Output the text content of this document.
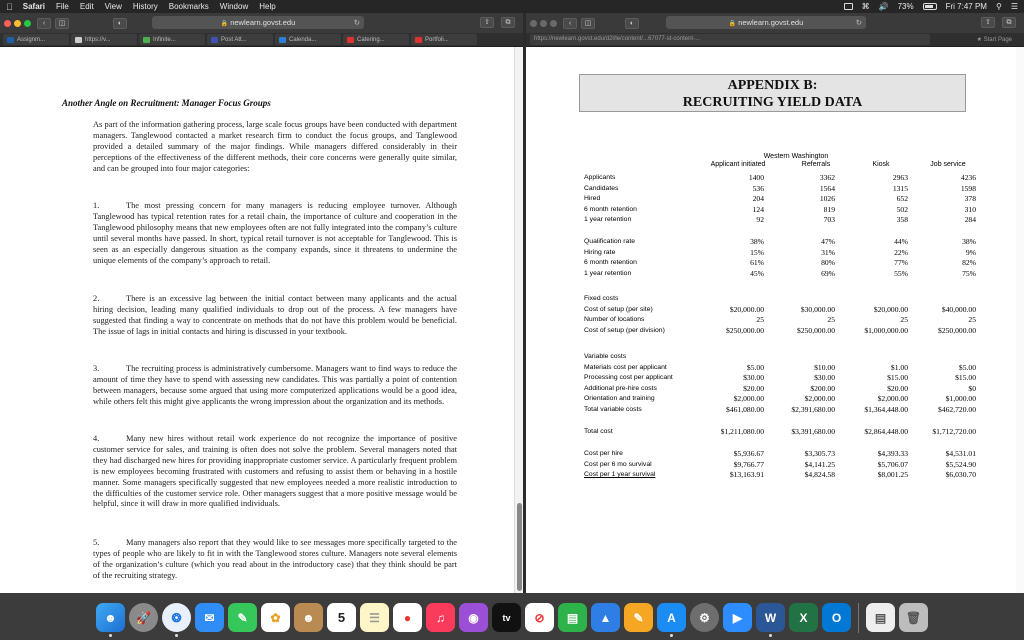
Safari File Edit View History Bookmarks Window Help	⌘ 🔊 73%	Fri 7:47 PM ⚲ ☰
‹	◫	◐	🔒 newlearn.govst.edu	↻	⇧	⧉
Assignm...	https://v...	Infinite...	Post Att...	Calenda...	Catering...	Portfoli...
Another Angle on Recruitment: Manager Focus Groups

As part of the information gathering process, large scale focus groups have been conducted with department managers. Tanglewood contacted a market research firm to conduct the focus groups, and Tanglewood provided a detailed summary of the major findings. While managers differed considerably in their perceptions of the effectiveness of the different methods, their core concerns were generally quite similar, and can be grouped into four major categories:

1.	The most pressing concern for many managers is reducing employee turnover. Although Tanglewood has typical retention rates for a retail chain, the importance of culture and cooperation in the Tanglewood philosophy means that new employees often are not fully integrated into the company’s culture until several months have passed. In short, typical retail turnover is not acceptable for Tanglewood. This is seen as an especially dangerous situation as the company expands, since it threatens to undermine the unique elements of the company’s approach to retail.

2.	There is an excessive lag between the initial contact between many applicants and the actual hiring decision, leading many qualified individuals to drop out of the process. A few managers have suggested that finding a way to concentrate on methods that do not have this problem would be beneficial. The issue of lags in initial contacts and hiring is discussed in your textbook.

3.	The recruiting process is administratively cumbersome. Managers want to find ways to reduce the amount of time they have to spend with assessing new candidates. This was partially a point of contention between managers, because some argued that using more computerized applications would be a good idea, while others felt this might give applicants the wrong impression about the organization and its methods.

4.	Many new hires without retail work experience do not recognize the importance of positive customer service for sales, and training is often does not solve the problem. Several managers noted that they had discharged new hires for providing inappropriate customer service. A particularly frequent problem is new employees becoming frustrated with customers and refusing to assist them or behaving in a hostile manner. Some managers specifically suggested that new employees needed a more realistic introduction to the difficulties of the customer service role. Other managers suggest that a more positive message would be helpful, since it will draw in more qualified individuals.

5.	Many managers also report that they would like to see messages more specifically targeted to the types of people who are likely to fit in with the Tanglewood stores culture. Managers note several elements of the organization’s culture (which you read about in the introductory case) that they think should be part of the recruiting strategy.

‹	◫	◐	🔒 newlearn.govst.edu	↻	⇧	⧉
https://newlearn.govst.edu/d2l/le/content/...67077-st-content-...	★ Start Page
APPENDIX B:
RECRUITING YIELD DATA
Western Washington
Applicant initiated	Referrals	Kiosk	Job service
Applicants	1400	3362	2963	4236
Candidates	536	1564	1315	1598
Hired	204	1026	652	378
6 month retention	124	819	502	310
1 year retention	92	703	358	284
Qualification rate	38%	47%	44%	38%
Hiring rate	15%	31%	22%	9%
6 month retention	61%	80%	77%	82%
1 year retention	45%	69%	55%	75%
Fixed costs
Cost of setup (per site)	$20,000.00	$30,000.00	$20,000.00	$40,000.00
Number of locations	25	25	25	25
Cost of setup (per division)	$250,000.00	$250,000.00	$1,000,000.00	$250,000.00
Variable costs
Materials cost per applicant	$5.00	$10.00	$1.00	$5.00
Processing cost per applicant	$30.00	$30.00	$15.00	$15.00
Additional pre-hire costs	$20.00	$200.00	$20.00	$0
Orientation and training	$2,000.00	$2,000.00	$2,000.00	$1,000.00
Total variable costs	$461,080.00	$2,391,680.00	$1,364,448.00	$462,720.00
Total cost	$1,211,080.00	$3,391,680.00	$2,864,448.00	$1,712,720.00
Cost per hire	$5,936.67	$3,305.73	$4,393.33	$4,531.01
Cost per 6 mo survival	$9,766.77	$4,141.25	$5,706.07	$5,524.90
Cost per 1 year survival	$13,163.91	$4,824.58	$8,001.25	$6,030.70
☻	🚀	❂	✉	✎	✿	☻	5	☰	●	♫	◉	tv	⊘	▤	▲	✎	A	⚙	▶	W	X	O	▤	🗑
